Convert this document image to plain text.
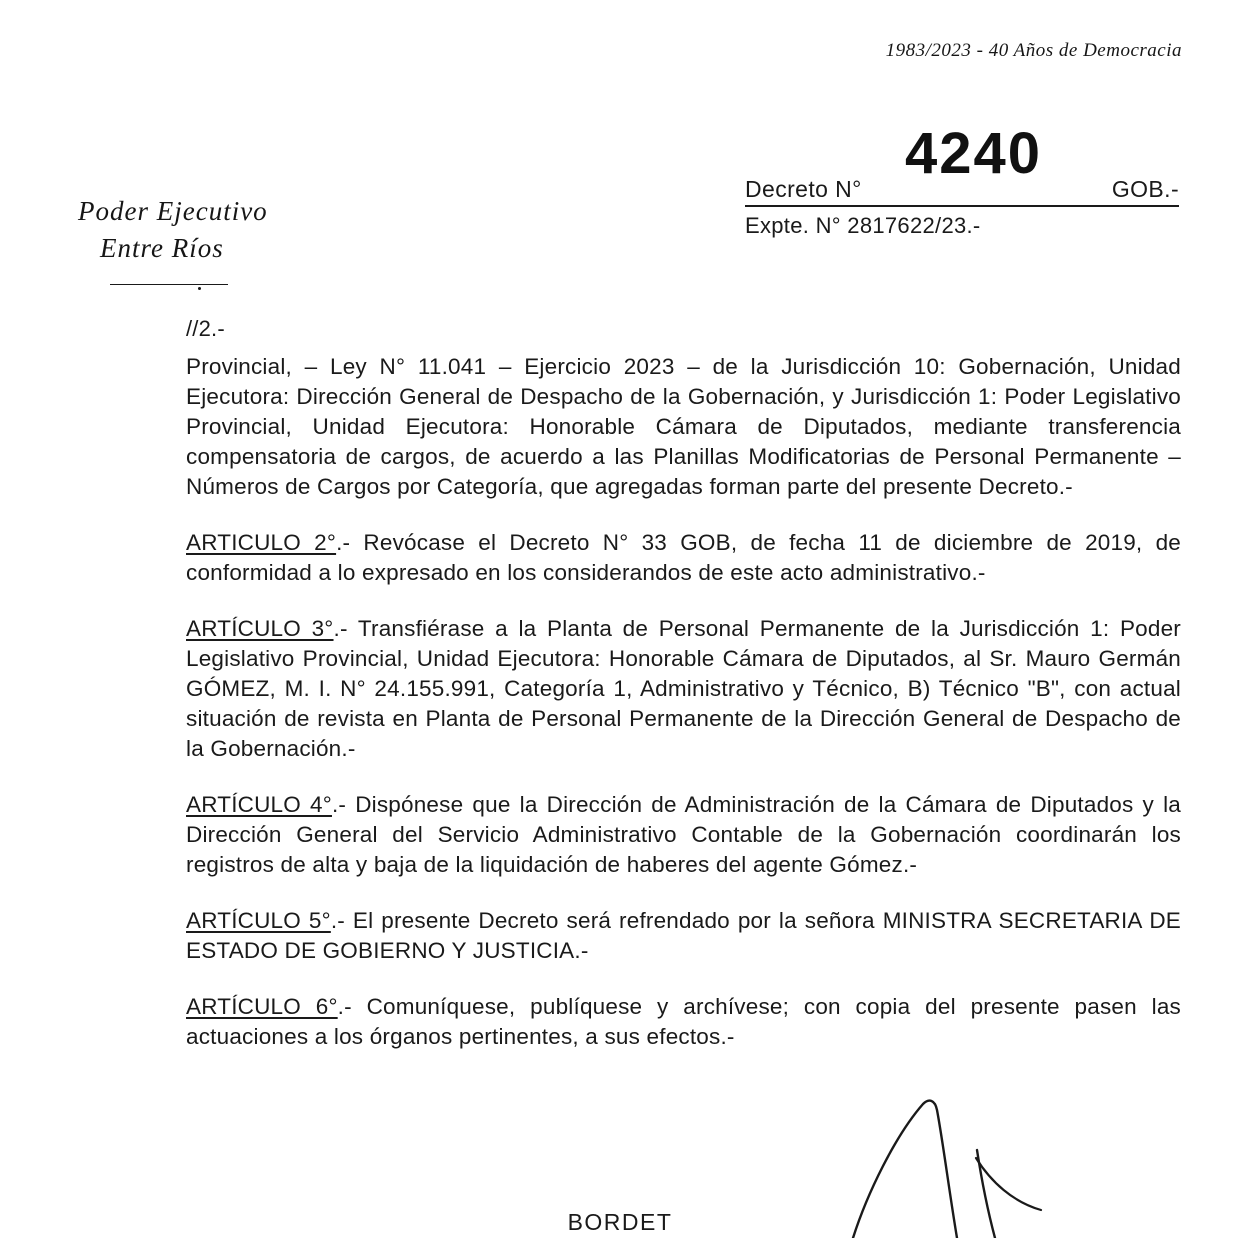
1983/2023 - 40 Años de Democracia
4240
Decreto N°	GOB.-
Expte. N° 2817622/23.-
Poder Ejecutivo
Entre Ríos

//2.-

Provincial, – Ley N° 11.041 – Ejercicio 2023 – de la Jurisdicción 10: Gobernación, Unidad Ejecutora: Dirección General de Despacho de la Gobernación, y Jurisdicción 1: Poder Legislativo Provincial, Unidad Ejecutora: Honorable Cámara de Diputados, mediante transferencia compensatoria de cargos, de acuerdo a las Planillas Modificatorias de Personal Permanente – Números de Cargos por Categoría, que agregadas forman parte del presente Decreto.-

ARTICULO 2°.- Revócase el Decreto N° 33 GOB, de fecha 11 de diciembre de 2019, de conformidad a lo expresado en los considerandos de este acto administrativo.-

ARTÍCULO 3°.- Transfiérase a la Planta de Personal Permanente de la Jurisdicción 1: Poder Legislativo Provincial, Unidad Ejecutora: Honorable Cámara de Diputados, al Sr. Mauro Germán GÓMEZ, M. I. N° 24.155.991, Categoría 1, Administrativo y Técnico, B) Técnico "B", con actual situación de revista en Planta de Personal Permanente de la Dirección General de Despacho de la Gobernación.-

ARTÍCULO 4°.- Dispónese que la Dirección de Administración de la Cámara de Diputados y la Dirección General del Servicio Administrativo Contable de la Gobernación coordinarán los registros de alta y baja de la liquidación de haberes del agente Gómez.-

ARTÍCULO 5°.- El presente Decreto será refrendado por la señora MINISTRA SECRETARIA DE ESTADO DE GOBIERNO Y JUSTICIA.-

ARTÍCULO 6°.- Comuníquese, publíquese y archívese; con copia del presente pasen las actuaciones a los órganos pertinentes, a sus efectos.-

BORDET
